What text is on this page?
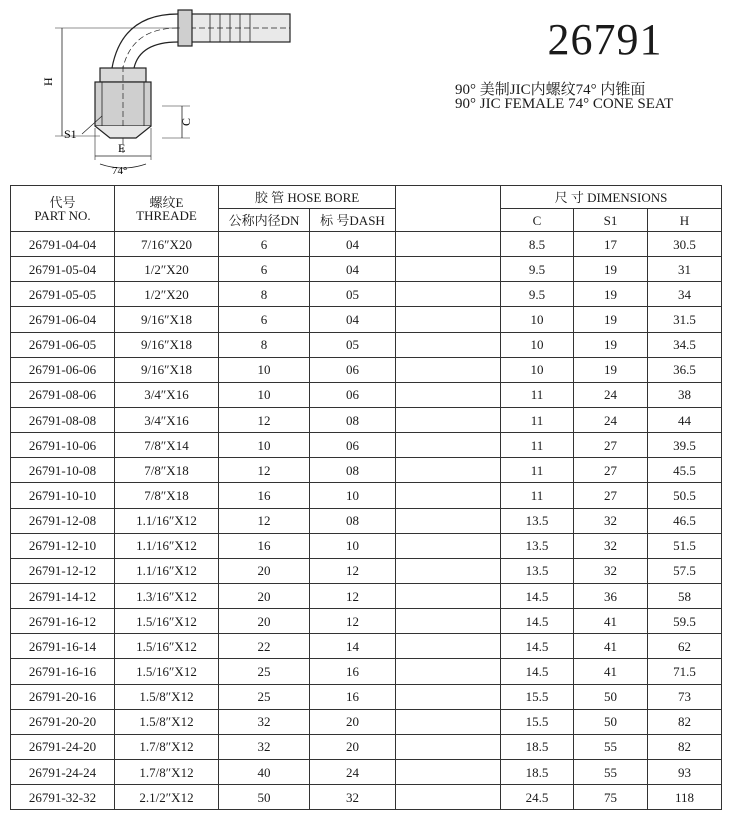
H
S1
C
E
74°
26791
90° 美制JIC内螺纹74° 内锥面
90° JIC FEMALE 74° CONE SEAT
代号
PART NO.	螺纹E
THREADE	胶 管 HOSE BORE			尺 寸 DIMENSIONS		
		公称内径DN	标 号DASH		C	S1	H
26791-04-04	7/16″X20	6	04		8.5	17	30.5
26791-05-04	1/2″X20	6	04		9.5	19	31
26791-05-05	1/2″X20	8	05		9.5	19	34
26791-06-04	9/16″X18	6	04		10	19	31.5
26791-06-05	9/16″X18	8	05		10	19	34.5
26791-06-06	9/16″X18	10	06		10	19	36.5
26791-08-06	3/4″X16	10	06		11	24	38
26791-08-08	3/4″X16	12	08		11	24	44
26791-10-06	7/8″X14	10	06		11	27	39.5
26791-10-08	7/8″X18	12	08		11	27	45.5
26791-10-10	7/8″X18	16	10		11	27	50.5
26791-12-08	1.1/16″X12	12	08		13.5	32	46.5
26791-12-10	1.1/16″X12	16	10		13.5	32	51.5
26791-12-12	1.1/16″X12	20	12		13.5	32	57.5
26791-14-12	1.3/16″X12	20	12		14.5	36	58
26791-16-12	1.5/16″X12	20	12		14.5	41	59.5
26791-16-14	1.5/16″X12	22	14		14.5	41	62
26791-16-16	1.5/16″X12	25	16		14.5	41	71.5
26791-20-16	1.5/8″X12	25	16		15.5	50	73
26791-20-20	1.5/8″X12	32	20		15.5	50	82
26791-24-20	1.7/8″X12	32	20		18.5	55	82
26791-24-24	1.7/8″X12	40	24		18.5	55	93
26791-32-32	2.1/2″X12	50	32		24.5	75	118
